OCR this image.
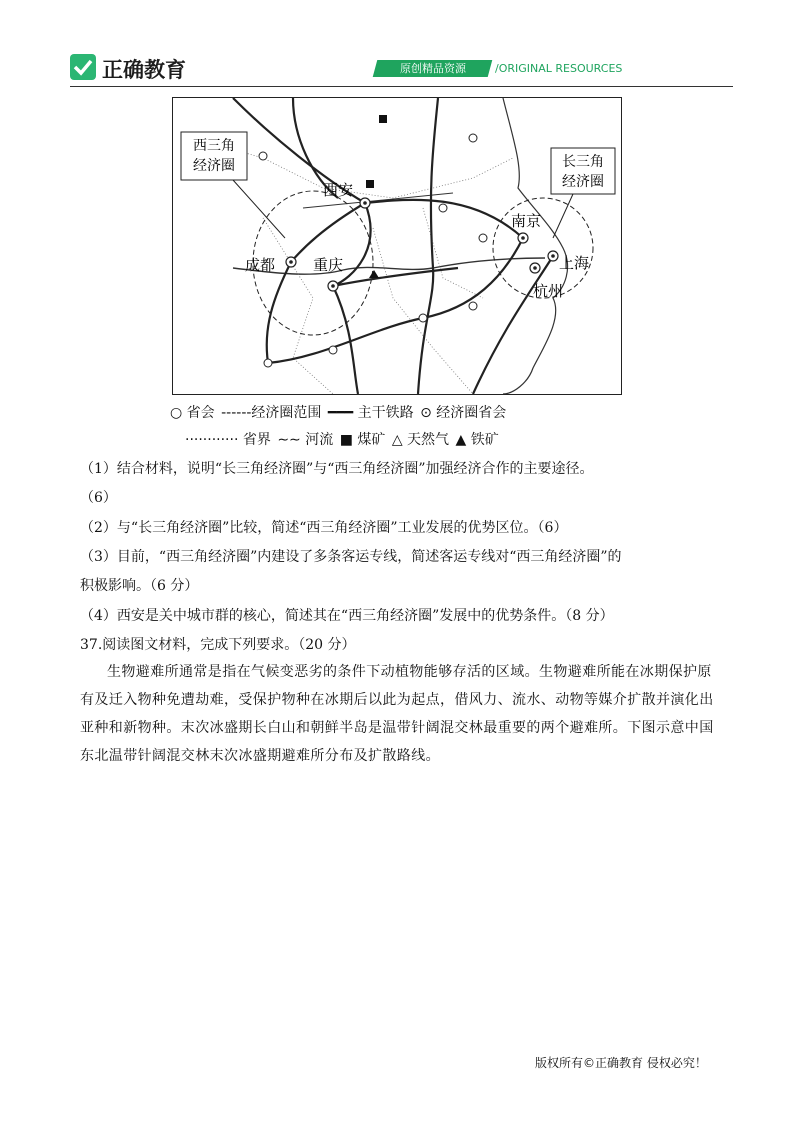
正确教育	原创精品资源	/ORIGINAL RESOURCES
西三角
经济圈	长三角
经济圈
西安
成都	重庆
南京
上海
杭州
○ 省会 ------经济圈范围 ━━━ 主干铁路 ⊙ 经济圈省会
············ 省界 ∼∼ 河流 ■ 煤矿 △ 天然气 ▲ 铁矿
（1）结合材料，说明“长三角经济圈”与“西三角经济圈”加强经济合作的主要途径。
（6）
（2）与“长三角经济圈”比较，简述“西三角经济圈”工业发展的优势区位。（6）
（3）目前，“西三角经济圈”内建设了多条客运专线，简述客运专线对“西三角经济圈”的
积极影响。（6 分）
（4）西安是关中城市群的核心，简述其在“西三角经济圈”发展中的优势条件。（8 分）
37.阅读图文材料，完成下列要求。（20 分）
生物避难所通常是指在气候变恶劣的条件下动植物能够存活的区域。生物避难所能在冰期保护原有及迁入物种免遭劫难，受保护物种在冰期后以此为起点，借风力、流水、动物等媒介扩散并演化出亚种和新物种。末次冰盛期长白山和朝鲜半岛是温带针阔混交林最重要的两个避难所。下图示意中国东北温带针阔混交林末次冰盛期避难所分布及扩散路线。
版权所有©正确教育 侵权必究！
